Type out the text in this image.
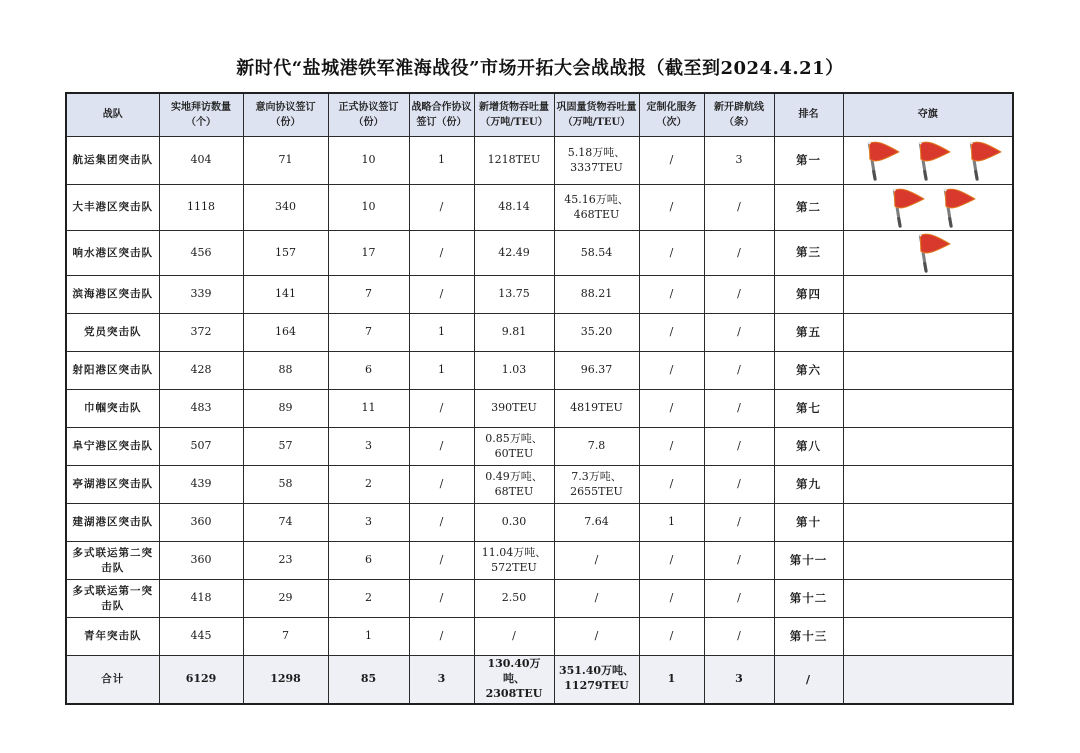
新时代“盐城港铁军淮海战役”市场开拓大会战战报（截至到2024.4.21）
战队	实地拜访数量（个）	意向协议签订（份）	正式协议签订（份）	战略合作协议签订（份）	新增货物吞吐量（万吨/TEU）	巩固量货物吞吐量（万吨/TEU）	定制化服务（次）	新开辟航线（条）	排名	夺旗
航运集团突击队	404	71	10	1	1218TEU	5.18万吨、3337TEU	/	3	第一	

大丰港区突击队	1118	340	10	/	48.14	45.16万吨、468TEU	/	/	第二	

响水港区突击队	456	157	17	/	42.49	58.54	/	/	第三	

滨海港区突击队	339	141	7	/	13.75	88.21	/	/	第四	

党员突击队	372	164	7	1	9.81	35.20	/	/	第五	

射阳港区突击队	428	88	6	1	1.03	96.37	/	/	第六	

巾帼突击队	483	89	11	/	390TEU	4819TEU	/	/	第七	

阜宁港区突击队	507	57	3	/	0.85万吨、60TEU	7.8	/	/	第八	

亭湖港区突击队	439	58	2	/	0.49万吨、68TEU	7.3万吨、2655TEU	/	/	第九	

建湖港区突击队	360	74	3	/	0.30	7.64	1	/	第十	

多式联运第二突击队	360	23	6	/	11.04万吨、572TEU	/	/	/	第十一	

多式联运第一突击队	418	29	2	/	2.50	/	/	/	第十二	

青年突击队	445	7	1	/	/	/	/	/	第十三	

合计	6129	1298	85	3	130.40万吨、2308TEU	351.40万吨、11279TEU	1	3	/	
